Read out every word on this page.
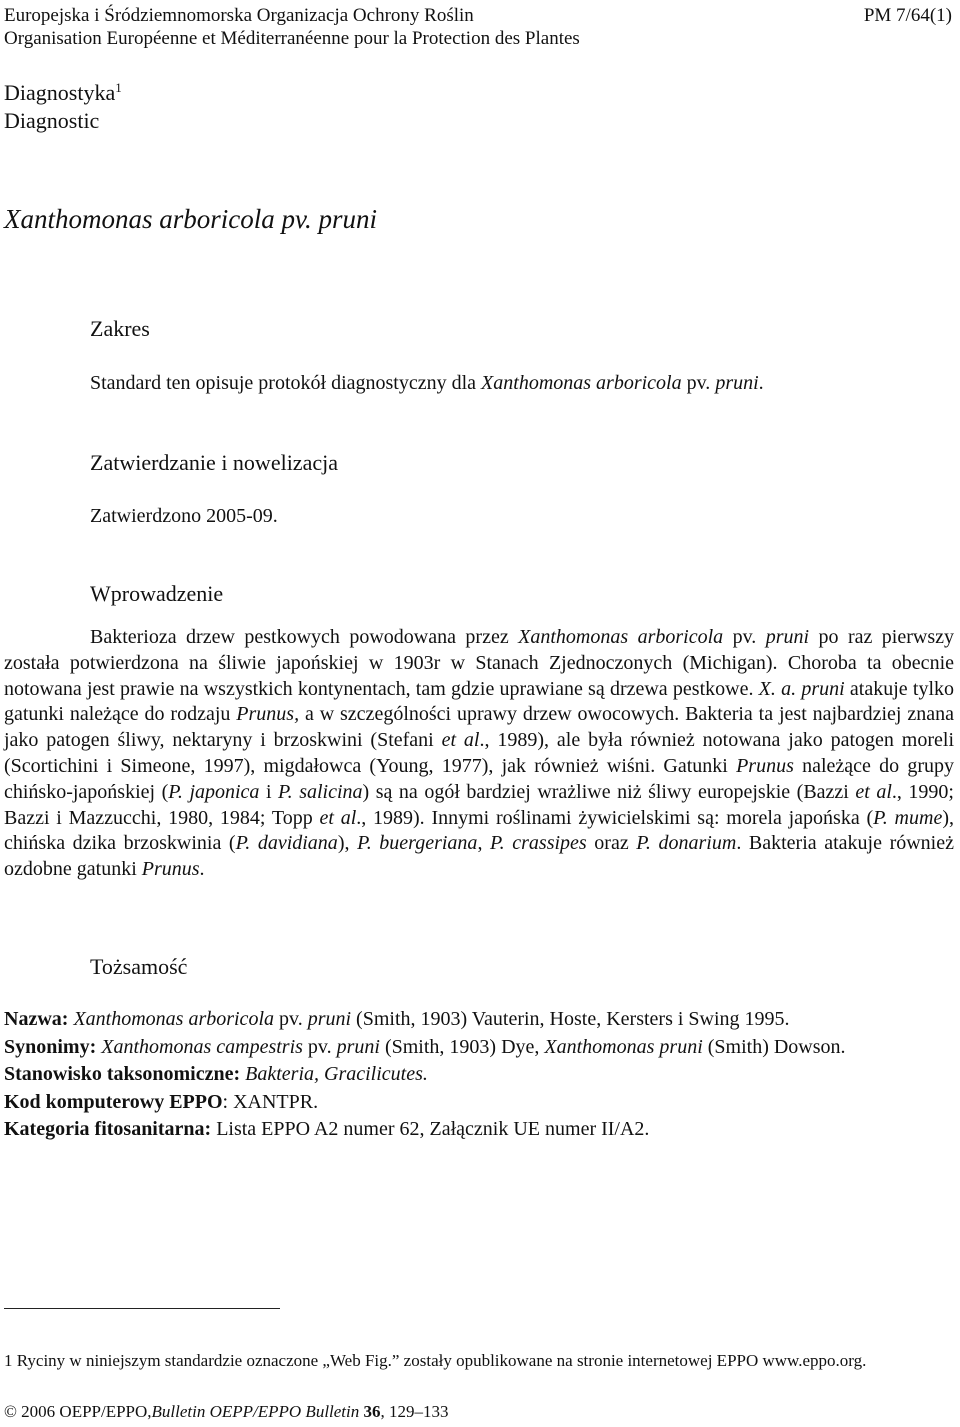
Europejska i Śródziemnomorska Organizacja Ochrony Roślin
Organisation Européenne et Méditerranéenne pour la Protection des Plantes
PM 7/64(1)
Diagnostyka$^1$
Diagnostic
Xanthomonas arboricola pv. pruni
Zakres
Standard ten opisuje protokół diagnostyczny dla Xanthomonas arboricola pv. pruni.
Zatwierdzanie i nowelizacja
Zatwierdzono 2005-09.
Wprowadzenie
Bakterioza drzew pestkowych powodowana przez Xanthomonas arboricola pv. pruni po raz pierwszy została potwierdzona na śliwie japońskiej w 1903r w Stanach Zjednoczonych (Michigan). Choroba ta obecnie notowana jest prawie na wszystkich kontynentach, tam gdzie uprawiane są drzewa pestkowe. X. a. pruni atakuje tylko gatunki należące do rodzaju Prunus, a w szczególności uprawy drzew owocowych. Bakteria ta jest najbardziej znana jako patogen śliwy, nektaryny i brzoskwini (Stefani et al., 1989), ale była również notowana jako patogen moreli (Scortichini i Simeone, 1997), migdałowca (Young, 1977), jak również wiśni. Gatunki Prunus należące do grupy chińsko-japońskiej (P. japonica i P. salicina) są na ogół bardziej wrażliwe niż śliwy europejskie (Bazzi et al., 1990; Bazzi i Mazzucchi, 1980, 1984; Topp et al., 1989). Innymi roślinami żywicielskimi są: morela japońska (P. mume), chińska dzika brzoskwinia (P. davidiana), P. buergeriana, P. crassipes oraz P. donarium. Bakteria atakuje również ozdobne gatunki Prunus.
Tożsamość
Nazwa: Xanthomonas arboricola pv. pruni (Smith, 1903) Vauterin, Hoste, Kersters i Swing 1995.
Synonimy: Xanthomonas campestris pv. pruni (Smith, 1903) Dye, Xanthomonas pruni (Smith) Dowson.
Stanowisko taksonomiczne: Bakteria, Gracilicutes.
Kod komputerowy EPPO: XANTPR.
Kategoria fitosanitarna: Lista EPPO A2 numer 62, Załącznik UE numer II/A2.
1 Ryciny w niniejszym standardzie oznaczone „Web Fig.” zostały opublikowane na stronie internetowej EPPO www.eppo.org.
© 2006 OEPP/EPPO,Bulletin OEPP/EPPO Bulletin 36, 129–133
